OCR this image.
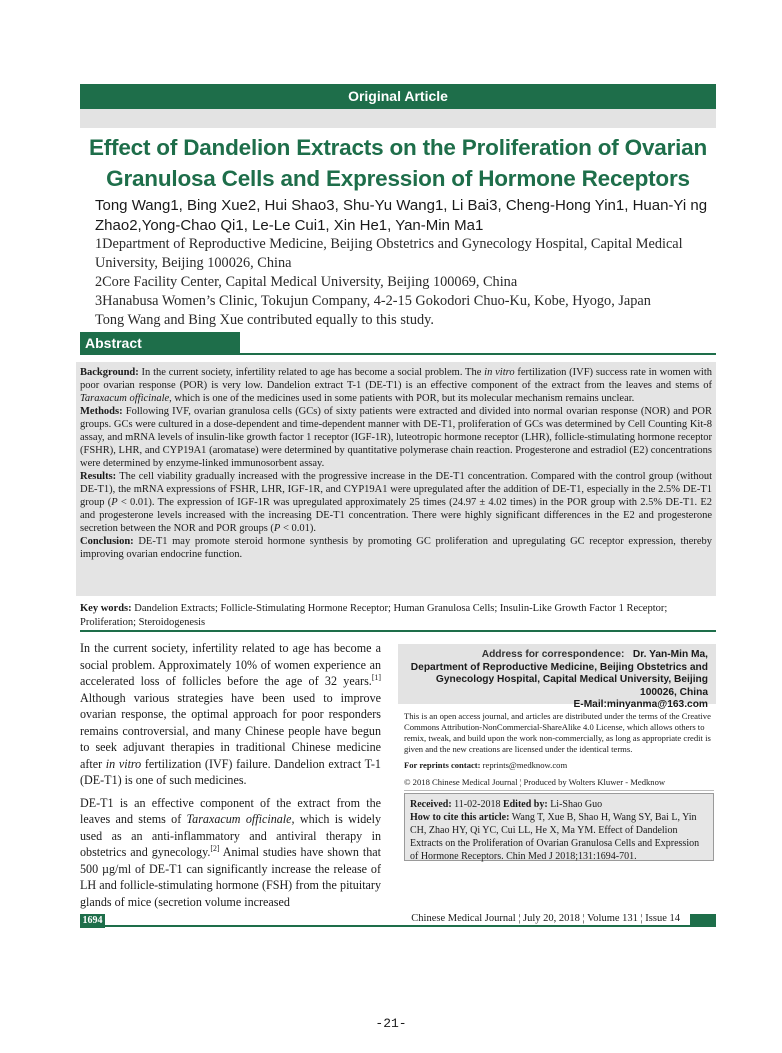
Original Article
Effect of Dandelion Extracts on the Proliferation of Ovarian Granulosa Cells and Expression of Hormone Receptors
Tong Wang1, Bing Xue2, Hui Shao3, Shu-Yu Wang1, Li Bai3, Cheng-Hong Yin1, Huan-Yi ng Zhao2,Yong-Chao Qi1, Le-Le Cui1, Xin He1, Yan-Min Ma1
1Department of Reproductive Medicine, Beijing Obstetrics and Gynecology Hospital, Capital Medical University, Beijing 100026, China
2Core Facility Center, Capital Medical University, Beijing 100069, China
3Hanabusa Women’s Clinic, Tokujun Company, 4-2-15 Gokodori Chuo-Ku, Kobe, Hyogo, Japan
Tong Wang and Bing Xue contributed equally to this study.
Abstract

Background: In the current society, infertility related to age has become a social problem. The in vitro fertilization (IVF) success rate in women with poor ovarian response (POR) is very low. Dandelion extract T-1 (DE-T1) is an effective component of the extract from the leaves and stems of Taraxacum officinale, which is one of the medicines used in some patients with POR, but its molecular mechanism remains unclear.

Methods: Following IVF, ovarian granulosa cells (GCs) of sixty patients were extracted and divided into normal ovarian response (NOR) and POR groups. GCs were cultured in a dose-dependent and time-dependent manner with DE-T1, proliferation of GCs was determined by Cell Counting Kit-8 assay, and mRNA levels of insulin-like growth factor 1 receptor (IGF-1R), luteotropic hormone receptor (LHR), follicle-stimulating hormone receptor (FSHR), LHR, and CYP19A1 (aromatase) were determined by quantitative polymerase chain reaction. Progesterone and estradiol (E2) concentrations were determined by enzyme-linked immunosorbent assay.

Results: The cell viability gradually increased with the progressive increase in the DE-T1 concentration. Compared with the control group (without DE-T1), the mRNA expressions of FSHR, LHR, IGF-1R, and CYP19A1 were upregulated after the addition of DE-T1, especially in the 2.5% DE-T1 group (P < 0.01). The expression of IGF-1R was upregulated approximately 25 times (24.97 ± 4.02 times) in the POR group with 2.5% DE-T1. E2 and progesterone levels increased with the increasing DE-T1 concentration. There were highly significant differences in the E2 and progesterone secretion between the NOR and POR groups (P < 0.01).

Conclusion: DE-T1 may promote steroid hormone synthesis by promoting GC proliferation and upregulating GC receptor expression, thereby improving ovarian endocrine function.

Key words: Dandelion Extracts; Follicle-Stimulating Hormone Receptor; Human Granulosa Cells; Insulin-Like Growth Factor 1 Receptor; Proliferation; Steroidogenesis

In the current society, infertility related to age has become a social problem. Approximately 10% of women experience an accelerated loss of follicles before the age of 32 years.[1] Although various strategies have been used to improve ovarian response, the optimal approach for poor responders remains controversial, and many Chinese people have begun to seek adjuvant therapies in traditional Chinese medicine after in vitro fertilization (IVF) failure. Dandelion extract T-1 (DE-T1) is one of such medicines.

DE-T1 is an effective component of the extract from the leaves and stems of Taraxacum officinale, which is widely used as an anti-inflammatory and antiviral therapy in obstetrics and gynecology.[2] Animal studies have shown that 500 µg/ml of DE-T1 can significantly increase the release of LH and follicle-stimulating hormone (FSH) from the pituitary glands of mice (secretion volume increased

Address for correspondence: Dr. Yan-Min Ma,
Department of Reproductive Medicine, Beijing Obstetrics and
Gynecology Hospital, Capital Medical University, Beijing 100026, China
E-Mail:minyanma@163.com
This is an open access journal, and articles are distributed under the terms of the Creative Commons Attribution-NonCommercial-ShareAlike 4.0 License, which allows others to remix, tweak, and build upon the work non-commercially, as long as appropriate credit is given and the new creations are licensed under the identical terms.
For reprints contact: reprints@medknow.com
© 2018 Chinese Medical Journal ¦ Produced by Wolters Kluwer - Medknow
Received: 11-02-2018 Edited by: Li-Shao Guo
How to cite this article: Wang T, Xue B, Shao H, Wang SY, Bai L, Yin CH, Zhao HY, Qi YC, Cui LL, He X, Ma YM. Effect of Dandelion Extracts on the Proliferation of Ovarian Granulosa Cells and Expression of Hormone Receptors. Chin Med J 2018;131:1694-701.
1694	Chinese Medical Journal ¦ July 20, 2018 ¦ Volume 131 ¦ Issue 14
-21-
